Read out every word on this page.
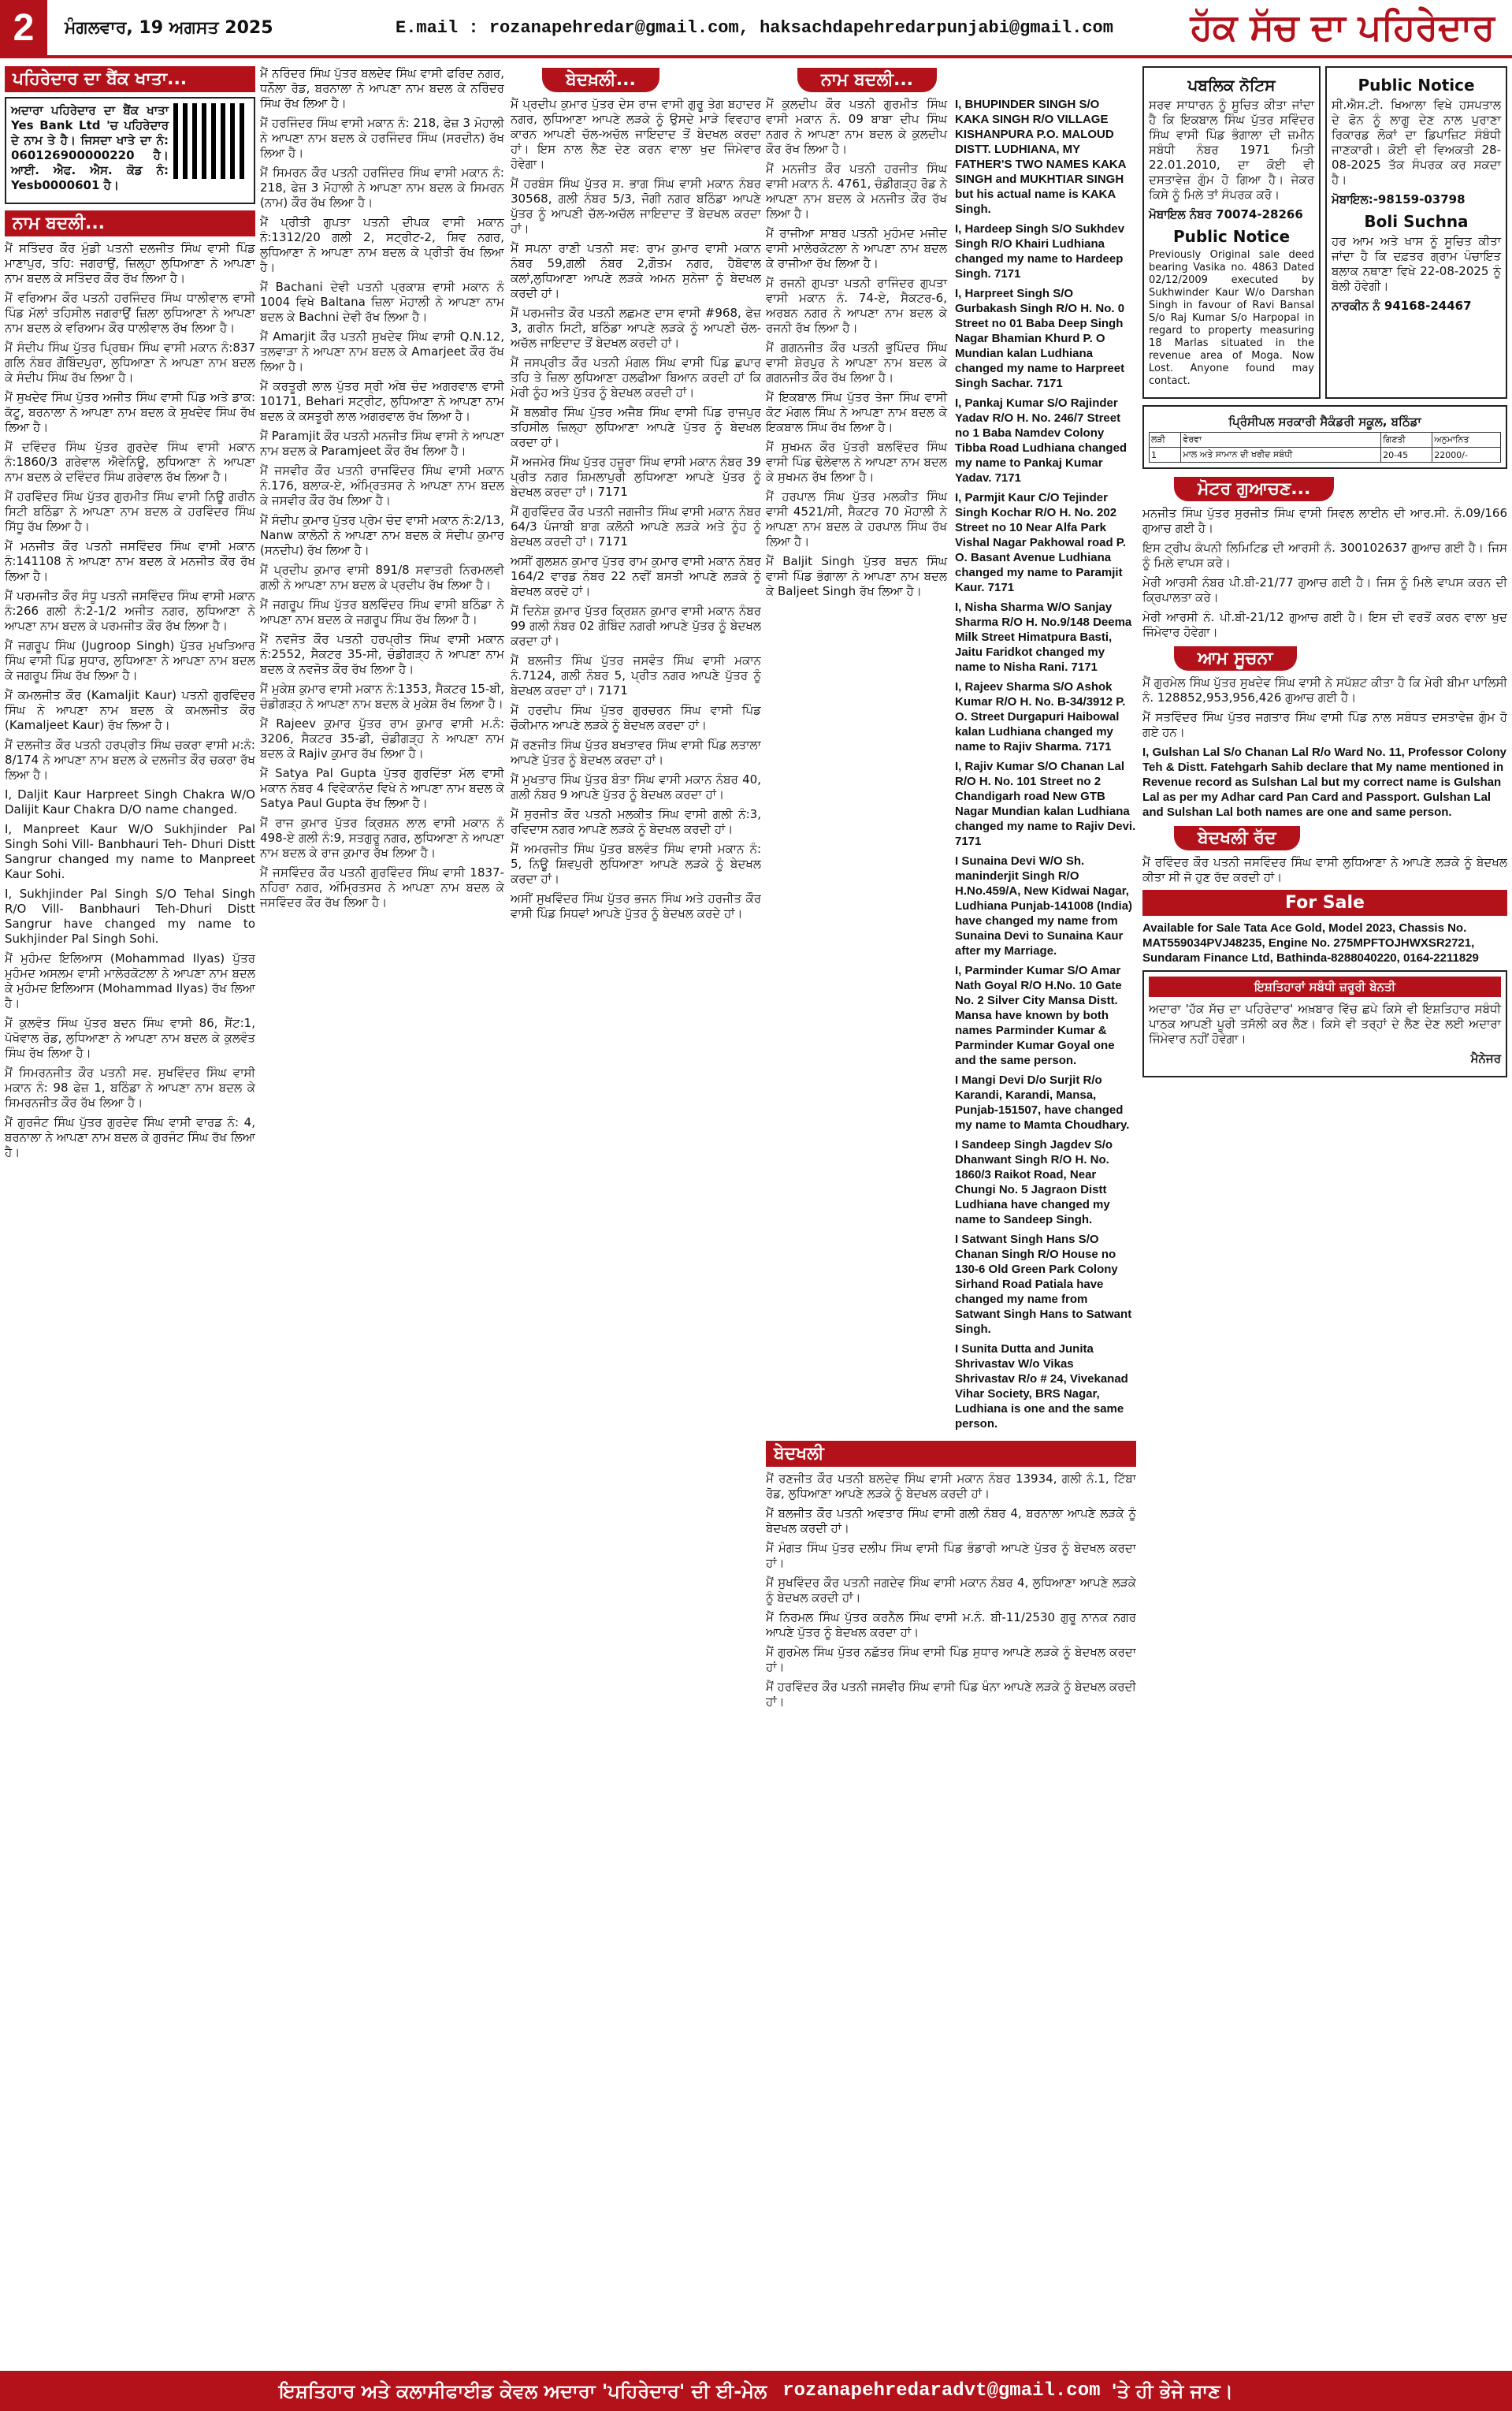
2	ਮੰਗਲਵਾਰ, 19 ਅਗਸਤ 2025	E.mail : rozanapehredar@gmail.com, haksachdapehredarpunjabi@gmail.com	ਹੱਕ ਸੱਚ ਦਾ ਪਹਿਰੇਦਾਰ
ਪਹਿਰੇਦਾਰ ਦਾ ਬੈਂਕ ਖਾਤਾ...

ਅਦਾਰਾ ਪਹਿਰੇਦਾਰ ਦਾ ਬੈਂਕ ਖਾਤਾ Yes Bank Ltd 'ਚ ਪਹਿਰੇਦਾਰ ਦੇ ਨਾਮ ਤੇ ਹੈ। ਜਿਸਦਾ ਖਾਤੇ ਦਾ ਨੰ: 060126900000220 ਹੈ। ਆਈ. ਐਫ. ਐਸ. ਕੋਡ ਨੰ: Yesb0000601 ਹੈ।

ਨਾਮ ਬਦਲੀ...

ਮੈਂ ਸਤਿੰਦਰ ਕੌਰ ਮੁੰਡੀ ਪਤਨੀ ਦਲਜੀਤ ਸਿੰਘ ਵਾਸੀ ਪਿੰਡ ਮਾਣਾਪੁਰ, ਤਹਿ: ਜਗਰਾਉਂ, ਜ਼ਿਲ੍ਹਾ ਲੁਧਿਆਣਾ ਨੇ ਆਪਣਾ ਨਾਮ ਬਦਲ ਕੇ ਸਤਿੰਦਰ ਕੌਰ ਰੱਖ ਲਿਆ ਹੈ।

ਮੈਂ ਵਰਿਆਮ ਕੌਰ ਪਤਨੀ ਹਰਜਿੰਦਰ ਸਿੰਘ ਧਾਲੀਵਾਲ ਵਾਸੀ ਪਿੰਡ ਮੱਲਾਂ ਤਹਿਸੀਲ ਜਗਰਾਉਂ ਜ਼ਿਲਾ ਲੁਧਿਆਣਾ ਨੇ ਆਪਣਾ ਨਾਮ ਬਦਲ ਕੇ ਵਰਿਆਮ ਕੌਰ ਧਾਲੀਵਾਲ ਰੱਖ ਲਿਆ ਹੈ।

ਮੈਂ ਸੰਦੀਪ ਸਿੰਘ ਪੁੱਤਰ ਪ੍ਰਿਥਮ ਸਿੰਘ ਵਾਸੀ ਮਕਾਨ ਨੰ:837 ਗਲਿ ਨੰਬਰ ਗੋਬਿੰਦਪੁਰਾ, ਲੁਧਿਆਣਾ ਨੇ ਆਪਣਾ ਨਾਮ ਬਦਲ ਕੇ ਸੰਦੀਪ ਸਿੰਘ ਰੱਖ ਲਿਆ ਹੈ।

ਮੈਂ ਸੁਖਦੇਵ ਸਿੰਘ ਪੁੱਤਰ ਅਜੀਤ ਸਿੰਘ ਵਾਸੀ ਪਿੰਡ ਅਤੇ ਡਾਕ: ਕੱਟੂ, ਬਰਨਾਲਾ ਨੇ ਆਪਣਾ ਨਾਮ ਬਦਲ ਕੇ ਸੁਖਦੇਵ ਸਿੰਘ ਰੱਖ ਲਿਆ ਹੈ।

ਮੈਂ ਦਵਿੰਦਰ ਸਿੰਘ ਪੁੱਤਰ ਗੁਰਦੇਵ ਸਿੰਘ ਵਾਸੀ ਮਕਾਨ ਨੰ:1860/3 ਗਰੇਵਾਲ ਐਵੇਨਿਊ, ਲੁਧਿਆਣਾ ਨੇ ਆਪਣਾ ਨਾਮ ਬਦਲ ਕੇ ਦਵਿੰਦਰ ਸਿੰਘ ਗਰੇਵਾਲ ਰੱਖ ਲਿਆ ਹੈ।

ਮੈਂ ਹਰਵਿੰਦਰ ਸਿੰਘ ਪੁੱਤਰ ਗੁਰਮੀਤ ਸਿੰਘ ਵਾਸੀ ਨਿਊ ਗਰੀਨ ਸਿਟੀ ਬਠਿੰਡਾ ਨੇ ਆਪਣਾ ਨਾਮ ਬਦਲ ਕੇ ਹਰਵਿੰਦਰ ਸਿੰਘ ਸਿੱਧੂ ਰੱਖ ਲਿਆ ਹੈ।

ਮੈਂ ਮਨਜੀਤ ਕੌਰ ਪਤਨੀ ਜਸਵਿੰਦਰ ਸਿੰਘ ਵਾਸੀ ਮਕਾਨ ਨੰ:141108 ਨੇ ਆਪਣਾ ਨਾਮ ਬਦਲ ਕੇ ਮਨਜੀਤ ਕੌਰ ਰੱਖ ਲਿਆ ਹੈ।

ਮੈਂ ਪਰਮਜੀਤ ਕੌਰ ਸੰਧੂ ਪਤਨੀ ਜਸਵਿੰਦਰ ਸਿੰਘ ਵਾਸੀ ਮਕਾਨ ਨੰ:266 ਗਲੀ ਨੰ:2-1/2 ਅਜੀਤ ਨਗਰ, ਲੁਧਿਆਣਾ ਨੇ ਆਪਣਾ ਨਾਮ ਬਦਲ ਕੇ ਪਰਮਜੀਤ ਕੌਰ ਰੱਖ ਲਿਆ ਹੈ।

ਮੈਂ ਜਗਰੂਪ ਸਿੰਘ (Jugroop Singh) ਪੁੱਤਰ ਮੁਖਤਿਆਰ ਸਿੰਘ ਵਾਸੀ ਪਿੰਡ ਸੁਧਾਰ, ਲੁਧਿਆਣਾ ਨੇ ਆਪਣਾ ਨਾਮ ਬਦਲ ਕੇ ਜਗਰੂਪ ਸਿੰਘ ਰੱਖ ਲਿਆ ਹੈ।

ਮੈਂ ਕਮਲਜੀਤ ਕੌਰ (Kamaljit Kaur) ਪਤਨੀ ਗੁਰਵਿੰਦਰ ਸਿੰਘ ਨੇ ਆਪਣਾ ਨਾਮ ਬਦਲ ਕੇ ਕਮਲਜੀਤ ਕੌਰ (Kamaljeet Kaur) ਰੱਖ ਲਿਆ ਹੈ।

ਮੈਂ ਦਲਜੀਤ ਕੌਰ ਪਤਨੀ ਹਰਪ੍ਰੀਤ ਸਿੰਘ ਚਕਰਾ ਵਾਸੀ ਮ:ਨੰ: 8/174 ਨੇ ਆਪਣਾ ਨਾਮ ਬਦਲ ਕੇ ਦਲਜੀਤ ਕੌਰ ਚਕਰਾ ਰੱਖ ਲਿਆ ਹੈ।

I, Daljit Kaur Harpreet Singh Chakra W/O Dalijit Kaur Chakra D/O name changed.

I, Manpreet Kaur W/O Sukhjinder Pal Singh Sohi Vill- Banbhauri Teh- Dhuri Distt Sangrur changed my name to Manpreet Kaur Sohi.

I, Sukhjinder Pal Singh S/O Tehal Singh R/O Vill- Banbhauri Teh-Dhuri Distt Sangrur have changed my name to Sukhjinder Pal Singh Sohi.

ਮੈਂ ਮੁਹੰਮਦ ਇਲਿਆਸ (Mohammad Ilyas) ਪੁੱਤਰ ਮੁਹੰਮਦ ਅਸਲਮ ਵਾਸੀ ਮਾਲੇਰਕੋਟਲਾ ਨੇ ਆਪਣਾ ਨਾਮ ਬਦਲ ਕੇ ਮੁਹੰਮਦ ਇਲਿਆਸ (Mohammad Ilyas) ਰੱਖ ਲਿਆ ਹੈ।

ਮੈਂ ਕੁਲਵੰਤ ਸਿੰਘ ਪੁੱਤਰ ਬਦਨ ਸਿੰਘ ਵਾਸੀ 86, ਸੈਂਟ:1, ਪੱਖੋਵਾਲ ਰੋਡ, ਲੁਧਿਆਣਾ ਨੇ ਆਪਣਾ ਨਾਮ ਬਦਲ ਕੇ ਕੁਲਵੰਤ ਸਿੰਘ ਰੱਖ ਲਿਆ ਹੈ।

ਮੈਂ ਸਿਮਰਨਜੀਤ ਕੌਰ ਪਤਨੀ ਸਵ. ਸੁਖਵਿੰਦਰ ਸਿੰਘ ਵਾਸੀ ਮਕਾਨ ਨੰ: 98 ਫੇਜ਼ 1, ਬਠਿੰਡਾ ਨੇ ਆਪਣਾ ਨਾਮ ਬਦਲ ਕੇ ਸਿਮਰਨਜੀਤ ਕੌਰ ਰੱਖ ਲਿਆ ਹੈ।

ਮੈਂ ਗੁਰਜੰਟ ਸਿੰਘ ਪੁੱਤਰ ਗੁਰਦੇਵ ਸਿੰਘ ਵਾਸੀ ਵਾਰਡ ਨੰ: 4, ਬਰਨਾਲਾ ਨੇ ਆਪਣਾ ਨਾਮ ਬਦਲ ਕੇ ਗੁਰਜੰਟ ਸਿੰਘ ਰੱਖ ਲਿਆ ਹੈ।

ਮੈਂ ਨਰਿੰਦਰ ਸਿੰਘ ਪੁੱਤਰ ਬਲਦੇਵ ਸਿੰਘ ਵਾਸੀ ਫਰਿਦ ਨਗਰ, ਧਨੌਲਾ ਰੋਡ, ਬਰਨਾਲਾ ਨੇ ਆਪਣਾ ਨਾਮ ਬਦਲ ਕੇ ਨਰਿੰਦਰ ਸਿੰਘ ਰੱਖ ਲਿਆ ਹੈ।

ਮੈਂ ਹਰਜਿੰਦਰ ਸਿੰਘ ਵਾਸੀ ਮਕਾਨ ਨੰ: 218, ਫੇਜ਼ 3 ਮੋਹਾਲੀ ਨੇ ਆਪਣਾ ਨਾਮ ਬਦਲ ਕੇ ਹਰਜਿੰਦਰ ਸਿੰਘ (ਸਰਦੀਨ) ਰੱਖ ਲਿਆ ਹੈ।

ਮੈਂ ਸਿਮਰਨ ਕੌਰ ਪਤਨੀ ਹਰਜਿੰਦਰ ਸਿੰਘ ਵਾਸੀ ਮਕਾਨ ਨੰ: 218, ਫੇਜ਼ 3 ਮੋਹਾਲੀ ਨੇ ਆਪਣਾ ਨਾਮ ਬਦਲ ਕੇ ਸਿਮਰਨ (ਨਾਮ) ਕੌਰ ਰੱਖ ਲਿਆ ਹੈ।

ਮੈਂ ਪ੍ਰੀਤੀ ਗੁਪਤਾ ਪਤਨੀ ਦੀਪਕ ਵਾਸੀ ਮਕਾਨ ਨੰ:1312/20 ਗਲੀ 2, ਸਟ੍ਰੀਟ-2, ਸ਼ਿਵ ਨਗਰ, ਲੁਧਿਆਣਾ ਨੇ ਆਪਣਾ ਨਾਮ ਬਦਲ ਕੇ ਪ੍ਰੀਤੀ ਰੱਖ ਲਿਆ ਹੈ।

ਮੈਂ Bachani ਦੇਵੀ ਪਤਨੀ ਪ੍ਰਕਾਸ਼ ਵਾਸੀ ਮਕਾਨ ਨੰ 1004 ਵਿਖੇ Baltana ਜ਼ਿਲਾ ਮੋਹਾਲੀ ਨੇ ਆਪਣਾ ਨਾਮ ਬਦਲ ਕੇ Bachni ਦੇਵੀ ਰੱਖ ਲਿਆ ਹੈ।

ਮੈਂ Amarjit ਕੌਰ ਪਤਨੀ ਸੁਖਦੇਵ ਸਿੰਘ ਵਾਸੀ Q.N.12, ਤਲਵਾੜਾ ਨੇ ਆਪਣਾ ਨਾਮ ਬਦਲ ਕੇ Amarjeet ਕੌਰ ਰੱਖ ਲਿਆ ਹੈ।

ਮੈਂ ਕਰਤੂਰੀ ਲਾਲ ਪੁੱਤਰ ਸ੍ਰੀ ਅੰਬ ਚੰਦ ਅਗਰਵਾਲ ਵਾਸੀ 10171, Behari ਸਟ੍ਰੀਟ, ਲੁਧਿਆਣਾ ਨੇ ਆਪਣਾ ਨਾਮ ਬਦਲ ਕੇ ਕਸਤੂਰੀ ਲਾਲ ਅਗਰਵਾਲ ਰੱਖ ਲਿਆ ਹੈ।

ਮੈਂ Paramjit ਕੌਰ ਪਤਨੀ ਮਨਜੀਤ ਸਿੰਘ ਵਾਸੀ ਨੇ ਆਪਣਾ ਨਾਮ ਬਦਲ ਕੇ Paramjeet ਕੌਰ ਰੱਖ ਲਿਆ ਹੈ।

ਮੈਂ ਜਸਵੀਰ ਕੌਰ ਪਤਨੀ ਰਾਜਵਿੰਦਰ ਸਿੰਘ ਵਾਸੀ ਮਕਾਨ ਨੰ.176, ਬਲਾਕ-ਏ, ਅੰਮ੍ਰਿਤਸਰ ਨੇ ਆਪਣਾ ਨਾਮ ਬਦਲ ਕੇ ਜਸਵੀਰ ਕੌਰ ਰੱਖ ਲਿਆ ਹੈ।

ਮੈਂ ਸੰਦੀਪ ਕੁਮਾਰ ਪੁੱਤਰ ਪ੍ਰੇਮ ਚੰਦ ਵਾਸੀ ਮਕਾਨ ਨੰ:2/13, Nanw ਕਾਲੋਨੀ ਨੇ ਆਪਣਾ ਨਾਮ ਬਦਲ ਕੇ ਸੰਦੀਪ ਕੁਮਾਰ (ਸਨਦੀਪ) ਰੱਖ ਲਿਆ ਹੈ।

ਮੈਂ ਪ੍ਰਦੀਪ ਕੁਮਾਰ ਵਾਸੀ 891/8 ਸਵਾਤਰੀ ਨਿਰਮਲਵੀ ਗਲੀ ਨੇ ਆਪਣਾ ਨਾਮ ਬਦਲ ਕੇ ਪ੍ਰਦੀਪ ਰੱਖ ਲਿਆ ਹੈ।

ਮੈਂ ਜਗਰੂਪ ਸਿੰਘ ਪੁੱਤਰ ਬਲਵਿੰਦਰ ਸਿੰਘ ਵਾਸੀ ਬਠਿੰਡਾ ਨੇ ਆਪਣਾ ਨਾਮ ਬਦਲ ਕੇ ਜਗਰੂਪ ਸਿੰਘ ਰੱਖ ਲਿਆ ਹੈ।

ਮੈਂ ਨਵਜੋਤ ਕੌਰ ਪਤਨੀ ਹਰਪ੍ਰੀਤ ਸਿੰਘ ਵਾਸੀ ਮਕਾਨ ਨੰ:2552, ਸੈਕਟਰ 35-ਸੀ, ਚੰਡੀਗੜ੍ਹ ਨੇ ਆਪਣਾ ਨਾਮ ਬਦਲ ਕੇ ਨਵਜੋਤ ਕੌਰ ਰੱਖ ਲਿਆ ਹੈ।

ਮੈਂ ਮੁਕੇਸ਼ ਕੁਮਾਰ ਵਾਸੀ ਮਕਾਨ ਨੰ:1353, ਸੈਕਟਰ 15-ਬੀ, ਚੰਡੀਗੜ੍ਹ ਨੇ ਆਪਣਾ ਨਾਮ ਬਦਲ ਕੇ ਮੁਕੇਸ਼ ਰੱਖ ਲਿਆ ਹੈ।

ਮੈਂ Rajeev ਕੁਮਾਰ ਪੁੱਤਰ ਰਾਮ ਕੁਮਾਰ ਵਾਸੀ ਮ.ਨੰ: 3206, ਸੈਕਟਰ 35-ਡੀ, ਚੰਡੀਗੜ੍ਹ ਨੇ ਆਪਣਾ ਨਾਮ ਬਦਲ ਕੇ Rajiv ਕੁਮਾਰ ਰੱਖ ਲਿਆ ਹੈ।

ਮੈਂ Satya Pal Gupta ਪੁੱਤਰ ਗੁਰਦਿੱਤਾ ਮੱਲ ਵਾਸੀ ਮਕਾਨ ਨੰਬਰ 4 ਵਿਵੇਕਾਨੰਦ ਵਿਖੇ ਨੇ ਆਪਣਾ ਨਾਮ ਬਦਲ ਕੇ Satya Paul Gupta ਰੱਖ ਲਿਆ ਹੈ।

ਮੈਂ ਰਾਜ ਕੁਮਾਰ ਪੁੱਤਰ ਕ੍ਰਿਸ਼ਨ ਲਾਲ ਵਾਸੀ ਮਕਾਨ ਨੰ 498-ਏ ਗਲੀ ਨੰ:9, ਸਤਗੁਰੂ ਨਗਰ, ਲੁਧਿਆਣਾ ਨੇ ਆਪਣਾ ਨਾਮ ਬਦਲ ਕੇ ਰਾਜ ਕੁਮਾਰ ਰੱਖ ਲਿਆ ਹੈ।

ਮੈਂ ਜਸਵਿੰਦਰ ਕੌਰ ਪਤਨੀ ਗੁਰਵਿੰਦਰ ਸਿੰਘ ਵਾਸੀ 1837-ਨਹਿਰਾ ਨਗਰ, ਅੰਮ੍ਰਿਤਸਰ ਨੇ ਆਪਣਾ ਨਾਮ ਬਦਲ ਕੇ ਜਸਵਿੰਦਰ ਕੌਰ ਰੱਖ ਲਿਆ ਹੈ।

ਬੇਦਖ਼ਲੀ...

ਮੈਂ ਪ੍ਰਦੀਪ ਕੁਮਾਰ ਪੁੱਤਰ ਦੇਸ ਰਾਜ ਵਾਸੀ ਗੁਰੂ ਤੇਗ ਬਹਾਦਰ ਨਗਰ, ਲੁਧਿਆਣਾ ਆਪਣੇ ਲੜਕੇ ਨੂੰ ਉਸਦੇ ਮਾੜੇ ਵਿਵਹਾਰ ਕਾਰਨ ਆਪਣੀ ਚੱਲ-ਅਚੱਲ ਜਾਇਦਾਦ ਤੋਂ ਬੇਦਖਲ ਕਰਦਾ ਹਾਂ। ਇਸ ਨਾਲ ਲੈਣ ਦੇਣ ਕਰਨ ਵਾਲਾ ਖੁਦ ਜਿੰਮੇਵਾਰ ਹੋਵੇਗਾ।

ਮੈਂ ਹਰਬੰਸ ਸਿੰਘ ਪੁੱਤਰ ਸ. ਭਾਗ ਸਿੰਘ ਵਾਸੀ ਮਕਾਨ ਨੰਬਰ 30568, ਗਲੀ ਨੰਬਰ 5/3, ਜੋਗੀ ਨਗਰ ਬਠਿੰਡਾ ਆਪਣੇ ਪੁੱਤਰ ਨੂੰ ਆਪਣੀ ਚੱਲ-ਅਚੱਲ ਜਾਇਦਾਦ ਤੋਂ ਬੇਦਖਲ ਕਰਦਾ ਹਾਂ।

ਮੈਂ ਸਪਨਾ ਰਾਣੀ ਪਤਨੀ ਸਵ: ਰਾਮ ਕੁਮਾਰ ਵਾਸੀ ਮਕਾਨ ਨੰਬਰ 59,ਗਲੀ ਨੰਬਰ 2,ਗੌਤਮ ਨਗਰ, ਹੈਬੋਵਾਲ ਕਲਾਂ,ਲੁਧਿਆਣਾ ਆਪਣੇ ਲੜਕੇ ਅਮਨ ਸੁਨੇਜਾ ਨੂੰ ਬੇਦਖਲ ਕਰਦੀ ਹਾਂ।

ਮੈਂ ਪਰਮਜੀਤ ਕੌਰ ਪਤਨੀ ਲਛਮਣ ਦਾਸ ਵਾਸੀ #968, ਫੇਜ਼ 3, ਗਰੀਨ ਸਿਟੀ, ਬਠਿੰਡਾ ਆਪਣੇ ਲੜਕੇ ਨੂੰ ਆਪਣੀ ਚੱਲ-ਅਚੱਲ ਜਾਇਦਾਦ ਤੋਂ ਬੇਦਖਲ ਕਰਦੀ ਹਾਂ।

ਮੈਂ ਜਸਪ੍ਰੀਤ ਕੌਰ ਪਤਨੀ ਮੰਗਲ ਸਿੰਘ ਵਾਸੀ ਪਿੰਡ ਛਪਾਰ ਤਹਿ ਤੇ ਜ਼ਿਲਾ ਲੁਧਿਆਣਾ ਹਲਫੀਆ ਬਿਆਨ ਕਰਦੀ ਹਾਂ ਕਿ ਮੇਰੀ ਨੂੰਹ ਅਤੇ ਪੁੱਤਰ ਨੂੰ ਬੇਦਖਲ ਕਰਦੀ ਹਾਂ।

ਮੈਂ ਬਲਬੀਰ ਸਿੰਘ ਪੁੱਤਰ ਅਜੈਬ ਸਿੰਘ ਵਾਸੀ ਪਿੰਡ ਰਾਜਪੁਰ ਤਹਿਸੀਲ ਜ਼ਿਲ੍ਹਾ ਲੁਧਿਆਣਾ ਆਪਣੇ ਪੁੱਤਰ ਨੂੰ ਬੇਦਖਲ ਕਰਦਾ ਹਾਂ।

ਮੈਂ ਅਜਮੇਰ ਸਿੰਘ ਪੁੱਤਰ ਹਜੂਰਾ ਸਿੰਘ ਵਾਸੀ ਮਕਾਨ ਨੰਬਰ 39 ਪ੍ਰੀਤ ਨਗਰ ਸ਼ਿਮਲਾਪੁਰੀ ਲੁਧਿਆਣਾ ਆਪਣੇ ਪੁੱਤਰ ਨੂੰ ਬੇਦਖਲ ਕਰਦਾ ਹਾਂ। 7171

ਮੈਂ ਗੁਰਵਿੰਦਰ ਕੌਰ ਪਤਨੀ ਜਗਜੀਤ ਸਿੰਘ ਵਾਸੀ ਮਕਾਨ ਨੰਬਰ 64/3 ਪੰਜਾਬੀ ਬਾਗ ਕਲੋਨੀ ਆਪਣੇ ਲੜਕੇ ਅਤੇ ਨੂੰਹ ਨੂੰ ਬੇਦਖਲ ਕਰਦੀ ਹਾਂ। 7171

ਅਸੀਂ ਗੁਲਸ਼ਨ ਕੁਮਾਰ ਪੁੱਤਰ ਰਾਮ ਕੁਮਾਰ ਵਾਸੀ ਮਕਾਨ ਨੰਬਰ 164/2 ਵਾਰਡ ਨੰਬਰ 22 ਨਵੀਂ ਬਸਤੀ ਆਪਣੇ ਲੜਕੇ ਨੂੰ ਬੇਦਖਲ ਕਰਦੇ ਹਾਂ।

ਮੈਂ ਦਿਨੇਸ਼ ਕੁਮਾਰ ਪੁੱਤਰ ਕ੍ਰਿਸ਼ਨ ਕੁਮਾਰ ਵਾਸੀ ਮਕਾਨ ਨੰਬਰ 99 ਗਲੀ ਨੰਬਰ 02 ਗੋਬਿੰਦ ਨਗਰੀ ਆਪਣੇ ਪੁੱਤਰ ਨੂੰ ਬੇਦਖਲ ਕਰਦਾ ਹਾਂ।

ਮੈਂ ਬਲਜੀਤ ਸਿੰਘ ਪੁੱਤਰ ਜਸਵੰਤ ਸਿੰਘ ਵਾਸੀ ਮਕਾਨ ਨੰ.7124, ਗਲੀ ਨੰਬਰ 5, ਪ੍ਰੀਤ ਨਗਰ ਆਪਣੇ ਪੁੱਤਰ ਨੂੰ ਬੇਦਖਲ ਕਰਦਾ ਹਾਂ। 7171

ਮੈਂ ਹਰਦੀਪ ਸਿੰਘ ਪੁੱਤਰ ਗੁਰਚਰਨ ਸਿੰਘ ਵਾਸੀ ਪਿੰਡ ਚੌਕੀਮਾਨ ਆਪਣੇ ਲੜਕੇ ਨੂੰ ਬੇਦਖਲ ਕਰਦਾ ਹਾਂ।

ਮੈਂ ਰਣਜੀਤ ਸਿੰਘ ਪੁੱਤਰ ਬਖਤਾਵਰ ਸਿੰਘ ਵਾਸੀ ਪਿੰਡ ਲਤਾਲਾ ਆਪਣੇ ਪੁੱਤਰ ਨੂੰ ਬੇਦਖਲ ਕਰਦਾ ਹਾਂ।

ਮੈਂ ਮੁਖਤਾਰ ਸਿੰਘ ਪੁੱਤਰ ਬੰਤਾ ਸਿੰਘ ਵਾਸੀ ਮਕਾਨ ਨੰਬਰ 40, ਗਲੀ ਨੰਬਰ 9 ਆਪਣੇ ਪੁੱਤਰ ਨੂੰ ਬੇਦਖਲ ਕਰਦਾ ਹਾਂ।

ਮੈਂ ਸੁਰਜੀਤ ਕੌਰ ਪਤਨੀ ਮਲਕੀਤ ਸਿੰਘ ਵਾਸੀ ਗਲੀ ਨੰ:3, ਰਵਿਦਾਸ ਨਗਰ ਆਪਣੇ ਲੜਕੇ ਨੂੰ ਬੇਦਖਲ ਕਰਦੀ ਹਾਂ।

ਮੈਂ ਅਮਰਜੀਤ ਸਿੰਘ ਪੁੱਤਰ ਬਲਵੰਤ ਸਿੰਘ ਵਾਸੀ ਮਕਾਨ ਨੰ: 5, ਨਿਊ ਸ਼ਿਵਪੁਰੀ ਲੁਧਿਆਣਾ ਆਪਣੇ ਲੜਕੇ ਨੂੰ ਬੇਦਖਲ ਕਰਦਾ ਹਾਂ।

ਅਸੀਂ ਸੁਖਵਿੰਦਰ ਸਿੰਘ ਪੁੱਤਰ ਭਜਨ ਸਿੰਘ ਅਤੇ ਹਰਜੀਤ ਕੌਰ ਵਾਸੀ ਪਿੰਡ ਸਿਧਵਾਂ ਆਪਣੇ ਪੁੱਤਰ ਨੂੰ ਬੇਦਖਲ ਕਰਦੇ ਹਾਂ।

ਨਾਮ ਬਦਲੀ...

ਮੈਂ ਕੁਲਦੀਪ ਕੌਰ ਪਤਨੀ ਗੁਰਮੀਤ ਸਿੰਘ ਵਾਸੀ ਮਕਾਨ ਨੰ. 09 ਬਾਬਾ ਦੀਪ ਸਿੰਘ ਨਗਰ ਨੇ ਆਪਣਾ ਨਾਮ ਬਦਲ ਕੇ ਕੁਲਦੀਪ ਕੌਰ ਰੱਖ ਲਿਆ ਹੈ।

ਮੈਂ ਮਨਜੀਤ ਕੌਰ ਪਤਨੀ ਹਰਜੀਤ ਸਿੰਘ ਵਾਸੀ ਮਕਾਨ ਨੰ. 4761, ਚੰਡੀਗੜ੍ਹ ਰੋਡ ਨੇ ਆਪਣਾ ਨਾਮ ਬਦਲ ਕੇ ਮਨਜੀਤ ਕੌਰ ਰੱਖ ਲਿਆ ਹੈ।

ਮੈਂ ਰਾਜੀਆ ਸਾਬਰ ਪਤਨੀ ਮੁਹੰਮਦ ਮਜੀਦ ਵਾਸੀ ਮਾਲੇਰਕੋਟਲਾ ਨੇ ਆਪਣਾ ਨਾਮ ਬਦਲ ਕੇ ਰਾਜੀਆ ਰੱਖ ਲਿਆ ਹੈ।

ਮੈਂ ਰਜਨੀ ਗੁਪਤਾ ਪਤਨੀ ਰਾਜਿੰਦਰ ਗੁਪਤਾ ਵਾਸੀ ਮਕਾਨ ਨੰ. 74-ਏ, ਸੈਕਟਰ-6, ਅਰਬਨ ਨਗਰ ਨੇ ਆਪਣਾ ਨਾਮ ਬਦਲ ਕੇ ਰਜਨੀ ਰੱਖ ਲਿਆ ਹੈ।

ਮੈਂ ਗਗਨਜੀਤ ਕੌਰ ਪਤਨੀ ਭੁਪਿੰਦਰ ਸਿੰਘ ਵਾਸੀ ਸ਼ੇਰਪੁਰ ਨੇ ਆਪਣਾ ਨਾਮ ਬਦਲ ਕੇ ਗਗਨਜੀਤ ਕੌਰ ਰੱਖ ਲਿਆ ਹੈ।

ਮੈਂ ਇਕਬਾਲ ਸਿੰਘ ਪੁੱਤਰ ਤੇਜਾ ਸਿੰਘ ਵਾਸੀ ਕੋਟ ਮੰਗਲ ਸਿੰਘ ਨੇ ਆਪਣਾ ਨਾਮ ਬਦਲ ਕੇ ਇਕਬਾਲ ਸਿੰਘ ਰੱਖ ਲਿਆ ਹੈ।

ਮੈਂ ਸੁਖਮਨ ਕੌਰ ਪੁੱਤਰੀ ਬਲਵਿੰਦਰ ਸਿੰਘ ਵਾਸੀ ਪਿੰਡ ਢੋਲੇਵਾਲ ਨੇ ਆਪਣਾ ਨਾਮ ਬਦਲ ਕੇ ਸੁਖਮਨ ਰੱਖ ਲਿਆ ਹੈ।

ਮੈਂ ਹਰਪਾਲ ਸਿੰਘ ਪੁੱਤਰ ਮਲਕੀਤ ਸਿੰਘ ਵਾਸੀ 4521/ਸੀ, ਸੈਕਟਰ 70 ਮੋਹਾਲੀ ਨੇ ਆਪਣਾ ਨਾਮ ਬਦਲ ਕੇ ਹਰਪਾਲ ਸਿੰਘ ਰੱਖ ਲਿਆ ਹੈ।

ਮੈਂ Baljit Singh ਪੁੱਤਰ ਬਚਨ ਸਿੰਘ ਵਾਸੀ ਪਿੰਡ ਭੰਗਾਲਾ ਨੇ ਆਪਣਾ ਨਾਮ ਬਦਲ ਕੇ Baljeet Singh ਰੱਖ ਲਿਆ ਹੈ।

I, BHUPINDER SINGH S/O KAKA SINGH R/O VILLAGE KISHANPURA P.O. MALOUD DISTT. LUDHIANA, MY FATHER'S TWO NAMES KAKA SINGH and MUKHTIAR SINGH but his actual name is KAKA Singh.

I, Hardeep Singh S/O Sukhdev Singh R/O Khairi Ludhiana changed my name to Hardeep Singh. 7171

I, Harpreet Singh S/O Gurbakash Singh R/O H. No. 0 Street no 01 Baba Deep Singh Nagar Bhamian Khurd P. O Mundian kalan Ludhiana changed my name to Harpreet Singh Sachar. 7171

I, Pankaj Kumar S/O Rajinder Yadav R/O H. No. 246/7 Street no 1 Baba Namdev Colony Tibba Road Ludhiana changed my name to Pankaj Kumar Yadav. 7171

I, Parmjit Kaur C/O Tejinder Singh Kochar R/O H. No. 202 Street no 10 Near Alfa Park Vishal Nagar Pakhowal road P. O. Basant Avenue Ludhiana changed my name to Paramjit Kaur. 7171

I, Nisha Sharma W/O Sanjay Sharma R/O H. No.9/148 Deema Milk Street Himatpura Basti, Jaitu Faridkot changed my name to Nisha Rani. 7171

I, Rajeev Sharma S/O Ashok Kumar R/O H. No. B-34/3912 P. O. Street Durgapuri Haibowal kalan Ludhiana changed my name to Rajiv Sharma. 7171

I, Rajiv Kumar S/O Chanan Lal R/O H. No. 101 Street no 2 Chandigarh road New GTB Nagar Mundian kalan Ludhiana changed my name to Rajiv Devi. 7171

I Sunaina Devi W/O Sh. maninderjit Singh R/O H.No.459/A, New Kidwai Nagar, Ludhiana Punjab-141008 (India) have changed my name from Sunaina Devi to Sunaina Kaur after my Marriage.

I, Parminder Kumar S/O Amar Nath Goyal R/O H.No. 10 Gate No. 2 Silver City Mansa Distt. Mansa have known by both names Parminder Kumar & Parminder Kumar Goyal one and the same person.

I Mangi Devi D/o Surjit R/o Karandi, Karandi, Mansa, Punjab-151507, have changed my name to Mamta Choudhary.

I Sandeep Singh Jagdev S/o Dhanwant Singh R/O H. No. 1860/3 Raikot Road, Near Chungi No. 5 Jagraon Distt Ludhiana have changed my name to Sandeep Singh.

I Satwant Singh Hans S/O Chanan Singh R/O House no 130-6 Old Green Park Colony Sirhand Road Patiala have changed my name from Satwant Singh Hans to Satwant Singh.

I Sunita Dutta and Junita Shrivastav W/o Vikas Shrivastav R/o # 24, Vivekanad Vihar Society, BRS Nagar, Ludhiana is one and the same person.

ਬੇਦਖਲੀ

ਮੈਂ ਰਣਜੀਤ ਕੌਰ ਪਤਨੀ ਬਲਦੇਵ ਸਿੰਘ ਵਾਸੀ ਮਕਾਨ ਨੰਬਰ 13934, ਗਲੀ ਨੰ.1, ਟਿੱਬਾ ਰੋਡ, ਲੁਧਿਆਣਾ ਆਪਣੇ ਲੜਕੇ ਨੂੰ ਬੇਦਖਲ ਕਰਦੀ ਹਾਂ।

ਮੈਂ ਬਲਜੀਤ ਕੌਰ ਪਤਨੀ ਅਵਤਾਰ ਸਿੰਘ ਵਾਸੀ ਗਲੀ ਨੰਬਰ 4, ਬਰਨਾਲਾ ਆਪਣੇ ਲੜਕੇ ਨੂੰ ਬੇਦਖਲ ਕਰਦੀ ਹਾਂ।

ਮੈਂ ਮੰਗਤ ਸਿੰਘ ਪੁੱਤਰ ਦਲੀਪ ਸਿੰਘ ਵਾਸੀ ਪਿੰਡ ਭੰਡਾਰੀ ਆਪਣੇ ਪੁੱਤਰ ਨੂੰ ਬੇਦਖਲ ਕਰਦਾ ਹਾਂ।

ਮੈਂ ਸੁਖਵਿੰਦਰ ਕੌਰ ਪਤਨੀ ਜਗਦੇਵ ਸਿੰਘ ਵਾਸੀ ਮਕਾਨ ਨੰਬਰ 4, ਲੁਧਿਆਣਾ ਆਪਣੇ ਲੜਕੇ ਨੂੰ ਬੇਦਖਲ ਕਰਦੀ ਹਾਂ।

ਮੈਂ ਨਿਰਮਲ ਸਿੰਘ ਪੁੱਤਰ ਕਰਨੈਲ ਸਿੰਘ ਵਾਸੀ ਮ.ਨੰ. ਬੀ-11/2530 ਗੁਰੂ ਨਾਨਕ ਨਗਰ ਆਪਣੇ ਪੁੱਤਰ ਨੂੰ ਬੇਦਖਲ ਕਰਦਾ ਹਾਂ।

ਮੈਂ ਗੁਰਮੇਲ ਸਿੰਘ ਪੁੱਤਰ ਨਛੱਤਰ ਸਿੰਘ ਵਾਸੀ ਪਿੰਡ ਸੁਧਾਰ ਆਪਣੇ ਲੜਕੇ ਨੂੰ ਬੇਦਖਲ ਕਰਦਾ ਹਾਂ।

ਮੈਂ ਹਰਵਿੰਦਰ ਕੌਰ ਪਤਨੀ ਜਸਵੀਰ ਸਿੰਘ ਵਾਸੀ ਪਿੰਡ ਖੰਨਾ ਆਪਣੇ ਲੜਕੇ ਨੂੰ ਬੇਦਖਲ ਕਰਦੀ ਹਾਂ।

ਪਬਲਿਕ ਨੋਟਿਸ

ਸਰਵ ਸਾਧਾਰਨ ਨੂੰ ਸੂਚਿਤ ਕੀਤਾ ਜਾਂਦਾ ਹੈ ਕਿ ਇਕਬਾਲ ਸਿੰਘ ਪੁੱਤਰ ਸਵਿੰਦਰ ਸਿੰਘ ਵਾਸੀ ਪਿੰਡ ਭੰਗਾਲਾ ਦੀ ਜ਼ਮੀਨ ਸਬੰਧੀ ਨੰਬਰ 1971 ਮਿਤੀ 22.01.2010, ਦਾ ਕੋਈ ਵੀ ਦਸਤਾਵੇਜ਼ ਗੁੰਮ ਹੋ ਗਿਆ ਹੈ। ਜੇਕਰ ਕਿਸੇ ਨੂੰ ਮਿਲੇ ਤਾਂ ਸੰਪਰਕ ਕਰੋ।

ਮੋਬਾਇਲ ਨੰਬਰ 70074-28266

Public Notice

Previously Original sale deed bearing Vasika no. 4863 Dated 02/12/2009 executed by Sukhwinder Kaur W/o Darshan Singh in favour of Ravi Bansal S/o Raj Kumar S/o Harpopal in regard to property measuring 18 Marlas situated in the revenue area of Moga. Now Lost. Anyone found may contact.

Public Notice

ਸੀ.ਐਸ.ਟੀ. ਖਿਆਲਾ ਵਿਖੇ ਹਸਪਤਾਲ ਦੇ ਫੋਨ ਨੂੰ ਲਾਗੂ ਦੇਣ ਨਾਲ ਪੁਰਾਣਾ ਰਿਕਾਰਡ ਲੋਕਾਂ ਦਾ ਡਿਪਾਜ਼ਿਟ ਸੰਬੰਧੀ ਜਾਣਕਾਰੀ। ਕੋਈ ਵੀ ਵਿਅਕਤੀ 28-08-2025 ਤੱਕ ਸੰਪਰਕ ਕਰ ਸਕਦਾ ਹੈ।

ਮੋਬਾਇਲ:-98159-03798

Boli Suchna

ਹਰ ਆਮ ਅਤੇ ਖਾਸ ਨੂੰ ਸੂਚਿਤ ਕੀਤਾ ਜਾਂਦਾ ਹੈ ਕਿ ਦਫ਼ਤਰ ਗ੍ਰਾਮ ਪੰਚਾਇਤ ਬਲਾਕ ਨਥਾਣਾ ਵਿਖੇ 22-08-2025 ਨੂੰ ਬੋਲੀ ਹੋਵੇਗੀ।

ਨਾਰਕੀਨ ਨੰ 94168-24467

ਪ੍ਰਿੰਸੀਪਲ ਸਰਕਾਰੀ ਸੈਕੰਡਰੀ ਸਕੂਲ, ਬਠਿੰਡਾ
ਲੜੀ	ਵੇਰਵਾ	ਗਿਣਤੀ	ਅਨੁਮਾਨਿਤ
1	ਮਾਲ ਅਤੇ ਸਾਮਾਨ ਦੀ ਖਰੀਦ ਸਬੰਧੀ	20-45	22000/-
ਮੋਟਰ ਗੁਆਚਣ...

ਮਨਜੀਤ ਸਿੰਘ ਪੁੱਤਰ ਸੁਰਜੀਤ ਸਿੰਘ ਵਾਸੀ ਸਿਵਲ ਲਾਈਨ ਦੀ ਆਰ.ਸੀ. ਨੰ.09/166 ਗੁਆਚ ਗਈ ਹੈ।

ਇਸ ਟ੍ਰੀਪ ਕੰਪਨੀ ਲਿਮਿਟਿਡ ਦੀ ਆਰਸੀ ਨੰ. 300102637 ਗੁਆਚ ਗਈ ਹੈ। ਜਿਸ ਨੂੰ ਮਿਲੇ ਵਾਪਸ ਕਰੇ।

ਮੇਰੀ ਆਰਸੀ ਨੰਬਰ ਪੀ.ਬੀ-21/77 ਗੁਆਚ ਗਈ ਹੈ। ਜਿਸ ਨੂੰ ਮਿਲੇ ਵਾਪਸ ਕਰਨ ਦੀ ਕ੍ਰਿਪਾਲਤਾ ਕਰੇ।

ਮੇਰੀ ਆਰਸੀ ਨੰ. ਪੀ.ਬੀ-21/12 ਗੁਆਚ ਗਈ ਹੈ। ਇਸ ਦੀ ਵਰਤੋਂ ਕਰਨ ਵਾਲਾ ਖੁਦ ਜਿੰਮੇਵਾਰ ਹੋਵੇਗਾ।

ਆਮ ਸੂਚਨਾ

ਮੈਂ ਗੁਰਮੇਲ ਸਿੰਘ ਪੁੱਤਰ ਸੁਖਦੇਵ ਸਿੰਘ ਵਾਸੀ ਨੇ ਸਪੱਸ਼ਟ ਕੀਤਾ ਹੈ ਕਿ ਮੇਰੀ ਬੀਮਾ ਪਾਲਿਸੀ ਨੰ. 128852,953,956,426 ਗੁਆਚ ਗਈ ਹੈ।

ਮੈਂ ਸਤਵਿੰਦਰ ਸਿੰਘ ਪੁੱਤਰ ਜਗਤਾਰ ਸਿੰਘ ਵਾਸੀ ਪਿੰਡ ਨਾਲ ਸਬੰਧਤ ਦਸਤਾਵੇਜ਼ ਗੁੰਮ ਹੋ ਗਏ ਹਨ।

I, Gulshan Lal S/o Chanan Lal R/o Ward No. 11, Professor Colony Teh & Distt. Fatehgarh Sahib declare that My name mentioned in Revenue record as Sulshan Lal but my correct name is Gulshan Lal as per my Adhar card Pan Card and Passport. Gulshan Lal and Sulshan Lal both names are one and same person.

ਬੇਦਖਲੀ ਰੱਦ

ਮੈਂ ਰਵਿੰਦਰ ਕੌਰ ਪਤਨੀ ਜਸਵਿੰਦਰ ਸਿੰਘ ਵਾਸੀ ਲੁਧਿਆਣਾ ਨੇ ਆਪਣੇ ਲੜਕੇ ਨੂੰ ਬੇਦਖਲ ਕੀਤਾ ਸੀ ਜੋ ਹੁਣ ਰੱਦ ਕਰਦੀ ਹਾਂ।

For Sale

Available for Sale Tata Ace Gold, Model 2023, Chassis No. MAT559034PVJ48235, Engine No. 275MPFTOJHWXSR2721, Sundaram Finance Ltd, Bathinda-8288040220, 0164-2211829

ਇਸ਼ਤਿਹਾਰਾਂ ਸਬੰਧੀ ਜ਼ਰੂਰੀ ਬੇਨਤੀ

ਅਦਾਰਾ 'ਹੱਕ ਸੱਚ ਦਾ ਪਹਿਰੇਦਾਰ' ਅਖ਼ਬਾਰ ਵਿੱਚ ਛਪੇ ਕਿਸੇ ਵੀ ਇਸ਼ਤਿਹਾਰ ਸਬੰਧੀ ਪਾਠਕ ਆਪਣੀ ਪੂਰੀ ਤਸੱਲੀ ਕਰ ਲੈਣ। ਕਿਸੇ ਵੀ ਤਰ੍ਹਾਂ ਦੇ ਲੈਣ ਦੇਣ ਲਈ ਅਦਾਰਾ ਜਿੰਮੇਵਾਰ ਨਹੀਂ ਹੋਵੇਗਾ।

ਮੈਨੇਜਰ

ਇਸ਼ਤਿਹਾਰ ਅਤੇ ਕਲਾਸੀਫਾਈਡ ਕੇਵਲ ਅਦਾਰਾ 'ਪਹਿਰੇਦਾਰ' ਦੀ ਈ-ਮੇਲ rozanapehredaradvt@gmail.com 'ਤੇ ਹੀ ਭੇਜੇ ਜਾਣ।
